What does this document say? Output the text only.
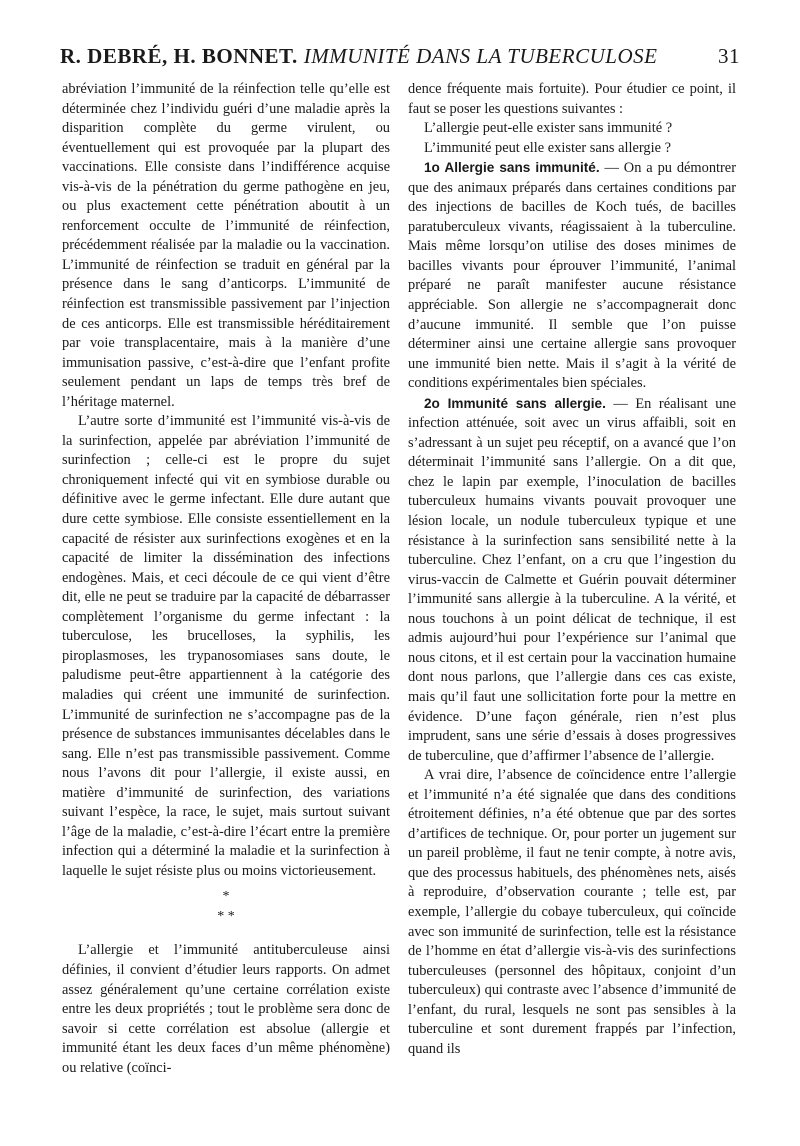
R. DEBRÉ, H. BONNET. IMMUNITÉ DANS LA TUBERCULOSE	31

abréviation l’immunité de la réinfection telle qu’elle est déterminée chez l’individu guéri d’une maladie après la disparition complète du germe virulent, ou éventuellement qui est provoquée par la plupart des vaccinations. Elle consiste dans l’indifférence acquise vis-à-vis de la pénétration du germe pathogène en jeu, ou plus exactement cette pénétration aboutit à un renforcement occulte de l’immunité de réinfection, précédemment réalisée par la maladie ou la vaccination. L’immunité de réinfection se traduit en général par la présence dans le sang d’anticorps. L’immunité de réinfection est transmissible passivement par l’injection de ces anticorps. Elle est transmissible héréditairement par voie transplacentaire, mais à la manière d’une immunisation passive, c’est-à-dire que l’enfant profite seulement pendant un laps de temps très bref de l’héritage maternel.

L’autre sorte d’immunité est l’immunité vis-à-vis de la surinfection, appelée par abréviation l’immunité de surinfection ; celle-ci est le propre du sujet chroniquement infecté qui vit en symbiose durable ou définitive avec le germe infectant. Elle dure autant que dure cette symbiose. Elle consiste essentiellement en la capacité de résister aux surinfections exogènes et en la capacité de limiter la dissémination des infections endogènes. Mais, et ceci découle de ce qui vient d’être dit, elle ne peut se traduire par la capacité de débarrasser complètement l’organisme du germe infectant : la tuberculose, les brucelloses, la syphilis, les piroplasmoses, les trypanosomiases sans doute, le paludisme peut-être appartiennent à la catégorie des maladies qui créent une immunité de surinfection. L’immunité de surinfection ne s’accompagne pas de la présence de substances immunisantes décelables dans le sang. Elle n’est pas transmissible passivement. Comme nous l’avons dit pour l’allergie, il existe aussi, en matière d’immunité de surinfection, des variations suivant l’espèce, la race, le sujet, mais surtout suivant l’âge de la maladie, c’est-à-dire l’écart entre la première infection qui a déterminé la maladie et la surinfection à laquelle le sujet résiste plus ou moins victorieusement.

*
* *

L’allergie et l’immunité antituberculeuse ainsi définies, il convient d’étudier leurs rapports. On admet assez généralement qu’une certaine corrélation existe entre les deux propriétés ; tout le problème sera donc de savoir si cette corrélation est absolue (allergie et immunité étant les deux faces d’un même phénomène) ou relative (coïnci-

dence fréquente mais fortuite). Pour étudier ce point, il faut se poser les questions suivantes :

L’allergie peut-elle exister sans immunité ?

L’immunité peut elle exister sans allergie ?

1o Allergie sans immunité. — On a pu démontrer que des animaux préparés dans certaines conditions par des injections de bacilles de Koch tués, de bacilles paratuberculeux vivants, réagissaient à la tuberculine. Mais même lorsqu’on utilise des doses minimes de bacilles vivants pour éprouver l’immunité, l’animal préparé ne paraît manifester aucune résistance appréciable. Son allergie ne s’accompagnerait donc d’aucune immunité. Il semble que l’on puisse déterminer ainsi une certaine allergie sans provoquer une immunité bien nette. Mais il s’agit à la vérité de conditions expérimentales bien spéciales.

2o Immunité sans allergie. — En réalisant une infection atténuée, soit avec un virus affaibli, soit en s’adressant à un sujet peu réceptif, on a avancé que l’on déterminait l’immunité sans l’allergie. On a dit que, chez le lapin par exemple, l’inoculation de bacilles tuberculeux humains vivants pouvait provoquer une lésion locale, un nodule tuberculeux typique et une résistance à la surinfection sans sensibilité nette à la tuberculine. Chez l’enfant, on a cru que l’ingestion du virus-vaccin de Calmette et Guérin pouvait déterminer l’immunité sans allergie à la tuberculine. A la vérité, et nous touchons à un point délicat de technique, il est admis aujourd’hui pour l’expérience sur l’animal que nous citons, et il est certain pour la vaccination humaine dont nous parlons, que l’allergie dans ces cas existe, mais qu’il faut une sollicitation forte pour la mettre en évidence. D’une façon générale, rien n’est plus imprudent, sans une série d’essais à doses progressives de tuberculine, que d’affirmer l’absence de l’allergie.

A vrai dire, l’absence de coïncidence entre l’allergie et l’immunité n’a été signalée que dans des conditions étroitement définies, n’a été obtenue que par des sortes d’artifices de technique. Or, pour porter un jugement sur un pareil problème, il faut ne tenir compte, à notre avis, que des processus habituels, des phénomènes nets, aisés à reproduire, d’observation courante ; telle est, par exemple, l’allergie du cobaye tuberculeux, qui coïncide avec son immunité de surinfection, telle est la résistance de l’homme en état d’allergie vis-à-vis des surinfections tuberculeuses (personnel des hôpitaux, conjoint d’un tuberculeux) qui contraste avec l’absence d’immunité de l’enfant, du rural, lesquels ne sont pas sensibles à la tuberculine et sont durement frappés par l’infection, quand ils
